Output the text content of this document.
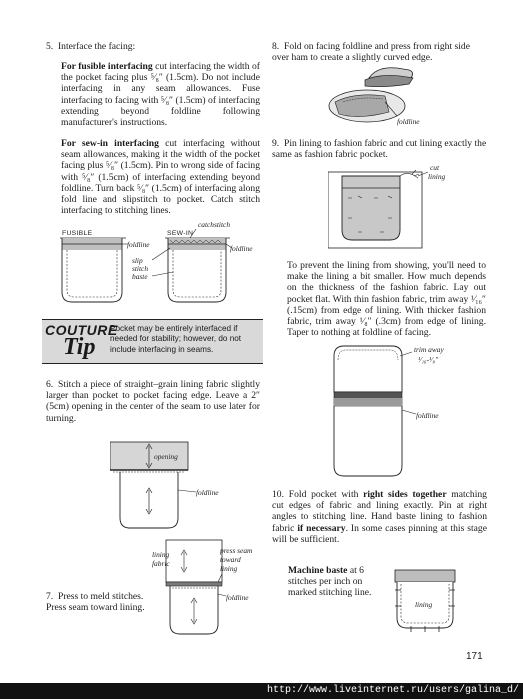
5. Interface the facing:

For fusible interfacing cut interfacing the width of the pocket facing plus ⁵⁄₈″ (1.5cm). Do not include interfacing in any seam allowances. Fuse interfacing to facing with ⁵⁄₈″ (1.5cm) of interfacing extending beyond foldline following manufacturer's instructions.

For sew-in interfacing cut interfacing without seam allowances, making it the width of the pocket facing plus ⁵⁄₈″ (1.5cm). Pin to wrong side of facing with ⁵⁄₈″ (1.5cm) of interfacing extending beyond foldline. Turn back ⁵⁄₈″ (1.5cm) of interfacing along fold line and slipstitch to pocket. Catch stitch interfacing to stitching lines.

FUSIBLE	SEW-IN
catchstitch
foldline	foldline
slip
stitch
baste
COUTURE
Tip
Pocket may be entirely interfaced if needed for stability; however, do not include interfacing in seams.

6. Stitch a piece of straight–grain lining fabric slightly larger than pocket to pocket facing edge. Leave a 2″ (5cm) opening in the center of the seam to use later for turning.

opening
foldline
lining
fabric
press seam
toward
lining
foldline

7. Press to meld stitches. Press seam toward lining.

8. Fold on facing foldline and press from right side over ham to create a slightly curved edge.

foldline

9. Pin lining to fashion fabric and cut lining exactly the same as fashion fabric pocket.

cut
lining

To prevent the lining from showing, you'll need to make the lining a bit smaller. How much depends on the thickness of the fashion fabric. Lay out pocket flat. With thin fashion fabric, trim away ¹⁄₁₆″ (.15cm) from edge of lining. With thicker fashion fabric, trim away ¹⁄₈″ (.3cm) from edge of lining. Taper to nothing at foldline of facing.

trim away
¹⁄₁₆-¹⁄₈″
foldline

10. Fold pocket with right sides together matching cut edges of fabric and lining exactly. Pin at right angles to stitching line. Hand baste lining to fashion fabric if necessary. In some cases pinning at this stage will be sufficient.

Machine baste at 6 stitches per inch on marked stitching line.

lining
171
http://www.liveinternet.ru/users/galina_d/
